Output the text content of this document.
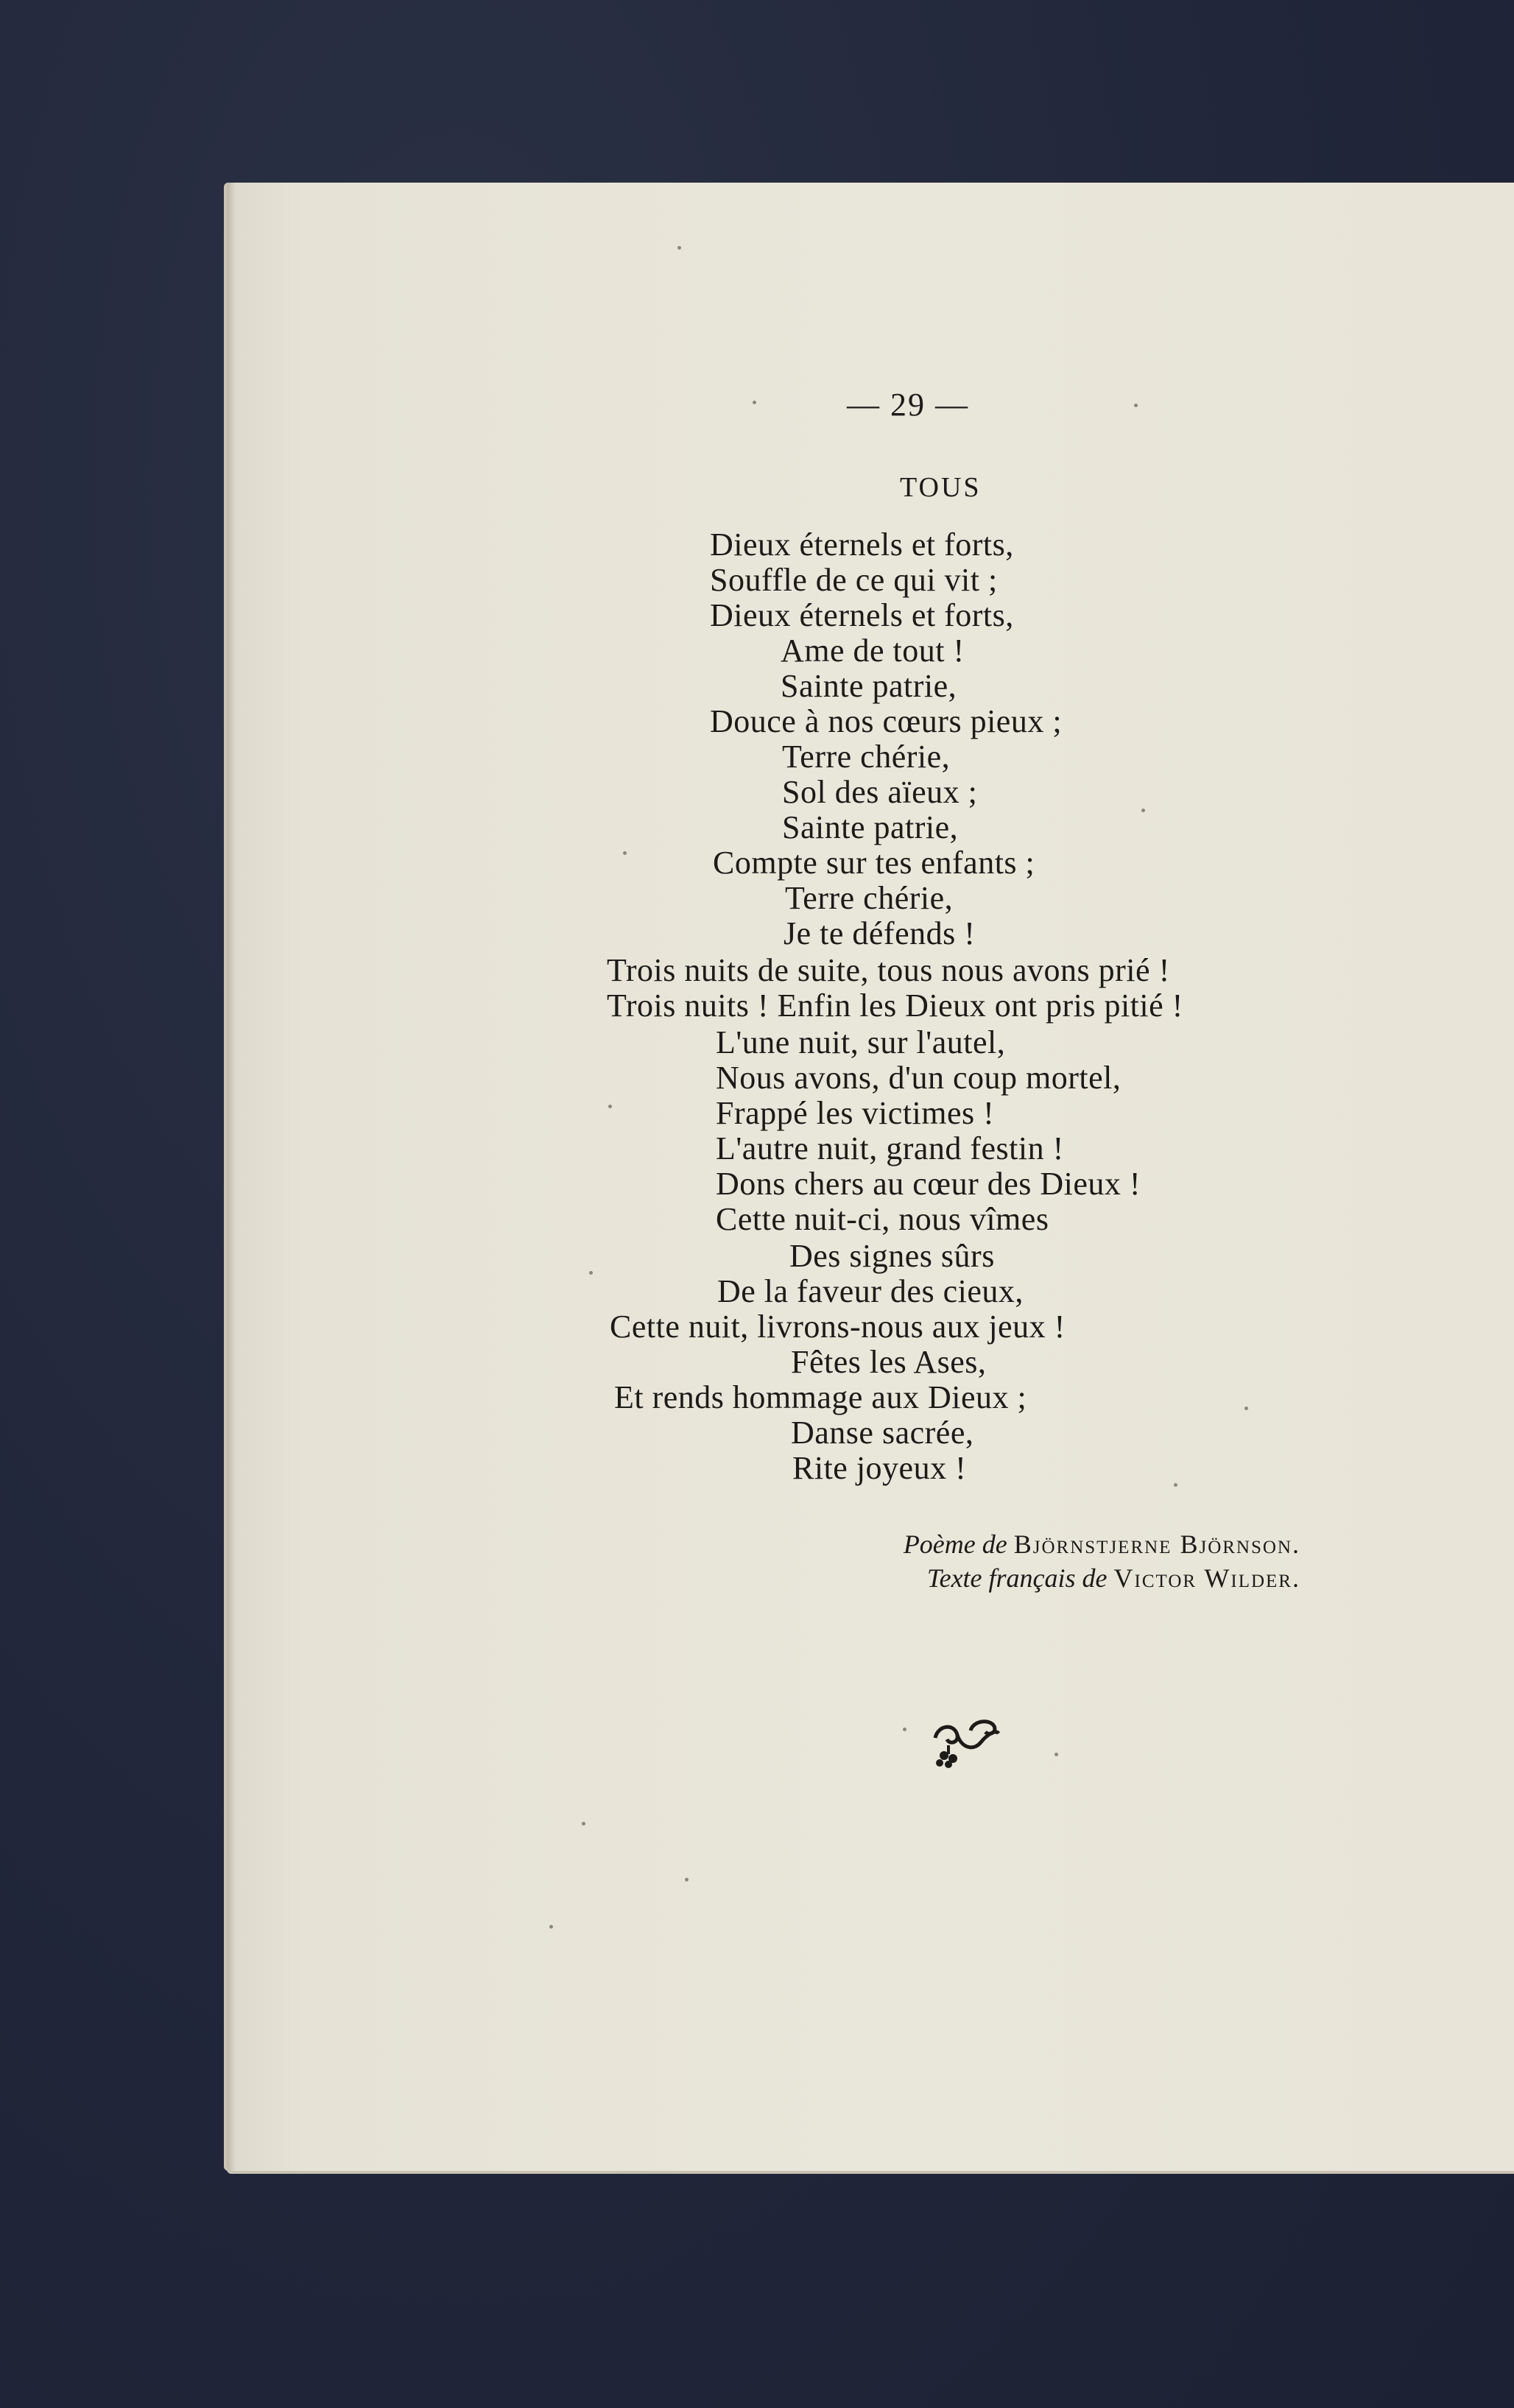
— 29 —
TOUS
Dieux éternels et forts,
Souffle de ce qui vit ;
Dieux éternels et forts,
Ame de tout !
Sainte patrie,
Douce à nos cœurs pieux ;
Terre chérie,
Sol des aïeux ;
Sainte patrie,
Compte sur tes enfants ;
Terre chérie,
Je te défends !
Trois nuits de suite, tous nous avons prié !
Trois nuits ! Enfin les Dieux ont pris pitié !
L'une nuit, sur l'autel,
Nous avons, d'un coup mortel,
Frappé les victimes !
L'autre nuit, grand festin !
Dons chers au cœur des Dieux !
Cette nuit-ci, nous vîmes
Des signes sûrs
De la faveur des cieux,
Cette nuit, livrons-nous aux jeux !
Fêtes les Ases,
Et rends hommage aux Dieux ;
Danse sacrée,
Rite joyeux !
Poème de Björnstjerne Björnson.
Texte français de Victor Wilder.
